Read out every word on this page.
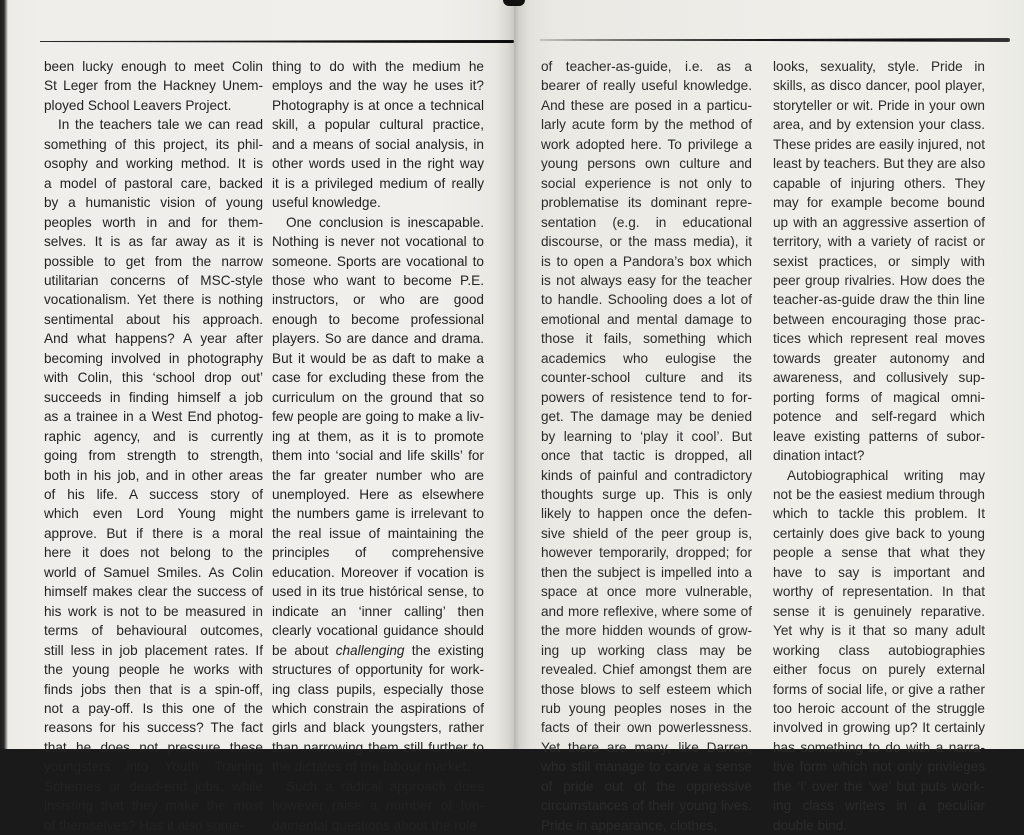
been lucky enough to meet Colin
St Leger from the Hackney Unem-
ployed School Leavers Project.

In the teachers tale we can read
something of this project, its phil-
osophy and working method. It is
a model of pastoral care, backed
by a humanistic vision of young
peoples worth in and for them-
selves. It is as far away as it is
possible to get from the narrow
utilitarian concerns of MSC-style
vocationalism. Yet there is nothing
sentimental about his approach.
And what happens? A year after
becoming involved in photography
with Colin, this ‘school drop out’
succeeds in finding himself a job
as a trainee in a West End photog-
raphic agency, and is currently
going from strength to strength,
both in his job, and in other areas
of his life. A success story of
which even Lord Young might
approve. But if there is a moral
here it does not belong to the
world of Samuel Smiles. As Colin
himself makes clear the success of
his work is not to be measured in
terms of behavioural outcomes,
still less in job placement rates. If
the young people he works with
finds jobs then that is a spin-off,
not a pay-off. Is this one of the
reasons for his success? The fact
that he does not pressure these
youngsters into Youth Training
Schemes or dead-end jobs, while
insisting that they make the most
of themselves? Has it also some-

thing to do with the medium he
employs and the way he uses it?
Photography is at once a technical
skill, a popular cultural practice,
and a means of social analysis, in
other words used in the right way
it is a privileged medium of really
useful knowledge.

One conclusion is inescapable.
Nothing is never not vocational to
someone. Sports are vocational to
those who want to become P.E.
instructors, or who are good
enough to become professional
players. So are dance and drama.
But it would be as daft to make a
case for excluding these from the
curriculum on the ground that so
few people are going to make a liv-
ing at them, as it is to promote
them into ‘social and life skills’ for
the far greater number who are
unemployed. Here as elsewhere
the numbers game is irrelevant to
the real issue of maintaining the
principles of comprehensive
education. Moreover if vocation is
used in its true histórical sense, to
indicate an ‘inner calling’ then
clearly vocational guidance should
be about challenging the existing
structures of opportunity for work-
ing class pupils, especially those
which constrain the aspirations of
girls and black youngsters, rather
than narrowing them still further to
the dictates of the labour market.

Such a radical approach does
however raise a number of fun-
damental questions about the role

of teacher-as-guide, i.e. as a
bearer of really useful knowledge.
And these are posed in a particu-
larly acute form by the method of
work adopted here. To privilege a
young persons own culture and
social experience is not only to
problematise its dominant repre-
sentation (e.g. in educational
discourse, or the mass media), it
is to open a Pandora’s box which
is not always easy for the teacher
to handle. Schooling does a lot of
emotional and mental damage to
those it fails, something which
academics who eulogise the
counter-school culture and its
powers of resistence tend to for-
get. The damage may be denied
by learning to ‘play it cool’. But
once that tactic is dropped, all
kinds of painful and contradictory
thoughts surge up. This is only
likely to happen once the defen-
sive shield of the peer group is,
however temporarily, dropped; for
then the subject is impelled into a
space at once more vulnerable,
and more reflexive, where some of
the more hidden wounds of grow-
ing up working class may be
revealed. Chief amongst them are
those blows to self esteem which
rub young peoples noses in the
facts of their own powerlessness.
Yet there are many, like Darren,
who still manage to carve a sense
of pride out of the oppressive
circumstances of their young lives.
Pride in appearance, clothes,

looks, sexuality, style. Pride in
skills, as disco dancer, pool player,
storyteller or wit. Pride in your own
area, and by extension your class.
These prides are easily injured, not
least by teachers. But they are also
capable of injuring others. They
may for example become bound
up with an aggressive assertion of
territory, with a variety of racist or
sexist practices, or simply with
peer group rivalries. How does the
teacher-as-guide draw the thin line
between encouraging those prac-
tices which represent real moves
towards greater autonomy and
awareness, and collusively sup-
porting forms of magical omni-
potence and self-regard which
leave existing patterns of subor-
dination intact?

Autobiographical writing may
not be the easiest medium through
which to tackle this problem. It
certainly does give back to young
people a sense that what they
have to say is important and
worthy of representation. In that
sense it is genuinely reparative.
Yet why is it that so many adult
working class autobiographies
either focus on purely external
forms of social life, or give a rather
too heroic account of the struggle
involved in growing up? It certainly
has something to do with a narra-
tive form which not only privileges
the ‘I’ over the ‘we’ but puts work-
ing class writers in a peculiar
double bind.
